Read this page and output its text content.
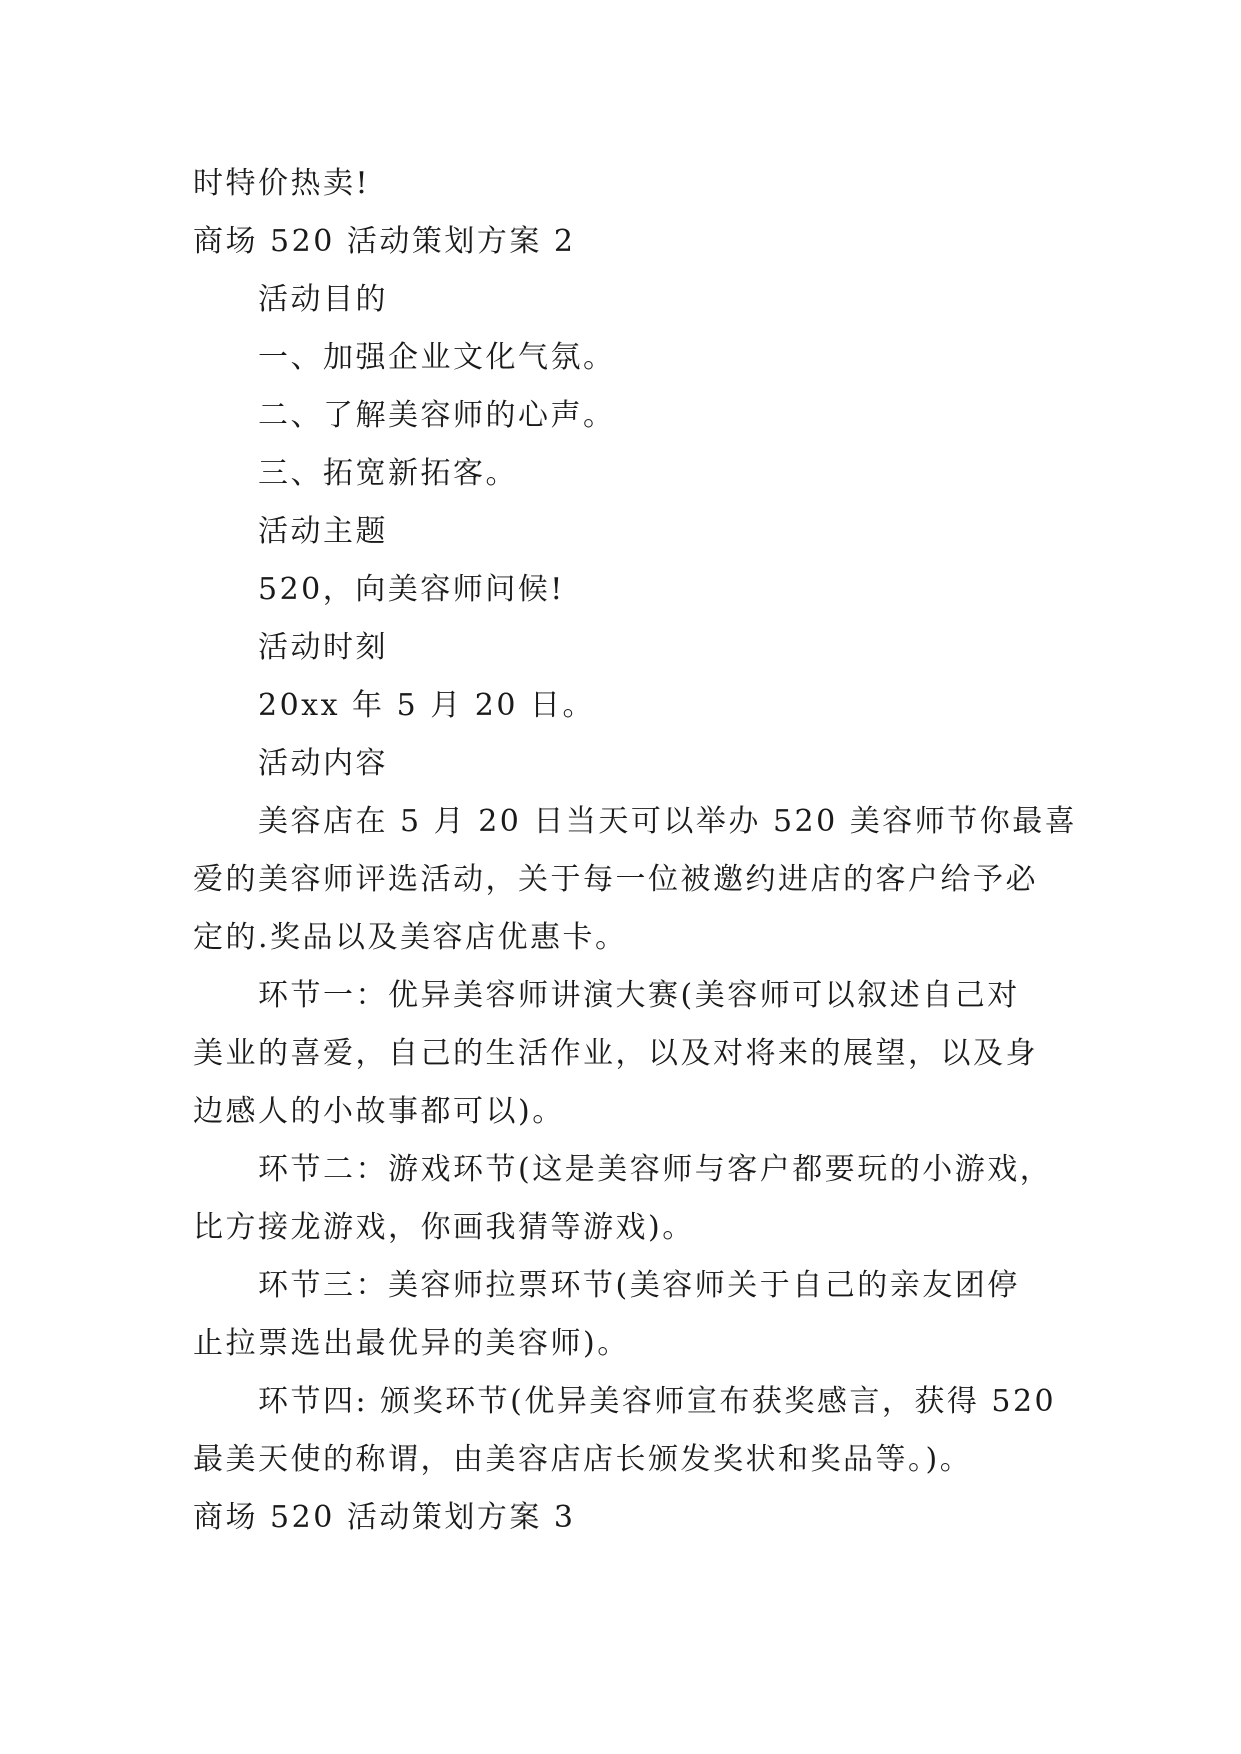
时特价热卖!
商场 520 活动策划方案 2
活动目的
一、加强企业文化气氛。
二、了解美容师的心声。
三、拓宽新拓客。
活动主题
520，向美容师问候!
活动时刻
20xx 年 5 月 20 日。
活动内容
美容店在 5 月 20 日当天可以举办 520 美容师节你最喜
爱的美容师评选活动，关于每一位被邀约进店的客户给予必
定的.奖品以及美容店优惠卡。
环节一：优异美容师讲演大赛(美容师可以叙述自己对
美业的喜爱，自己的生活作业，以及对将来的展望，以及身
边感人的小故事都可以)。
环节二：游戏环节(这是美容师与客户都要玩的小游戏，
比方接龙游戏，你画我猜等游戏)。
环节三：美容师拉票环节(美容师关于自己的亲友团停
止拉票选出最优异的美容师)。
环节四: 颁奖环节(优异美容师宣布获奖感言，获得 520
最美天使的称谓，由美容店店长颁发奖状和奖品等。)。
商场 520 活动策划方案 3
